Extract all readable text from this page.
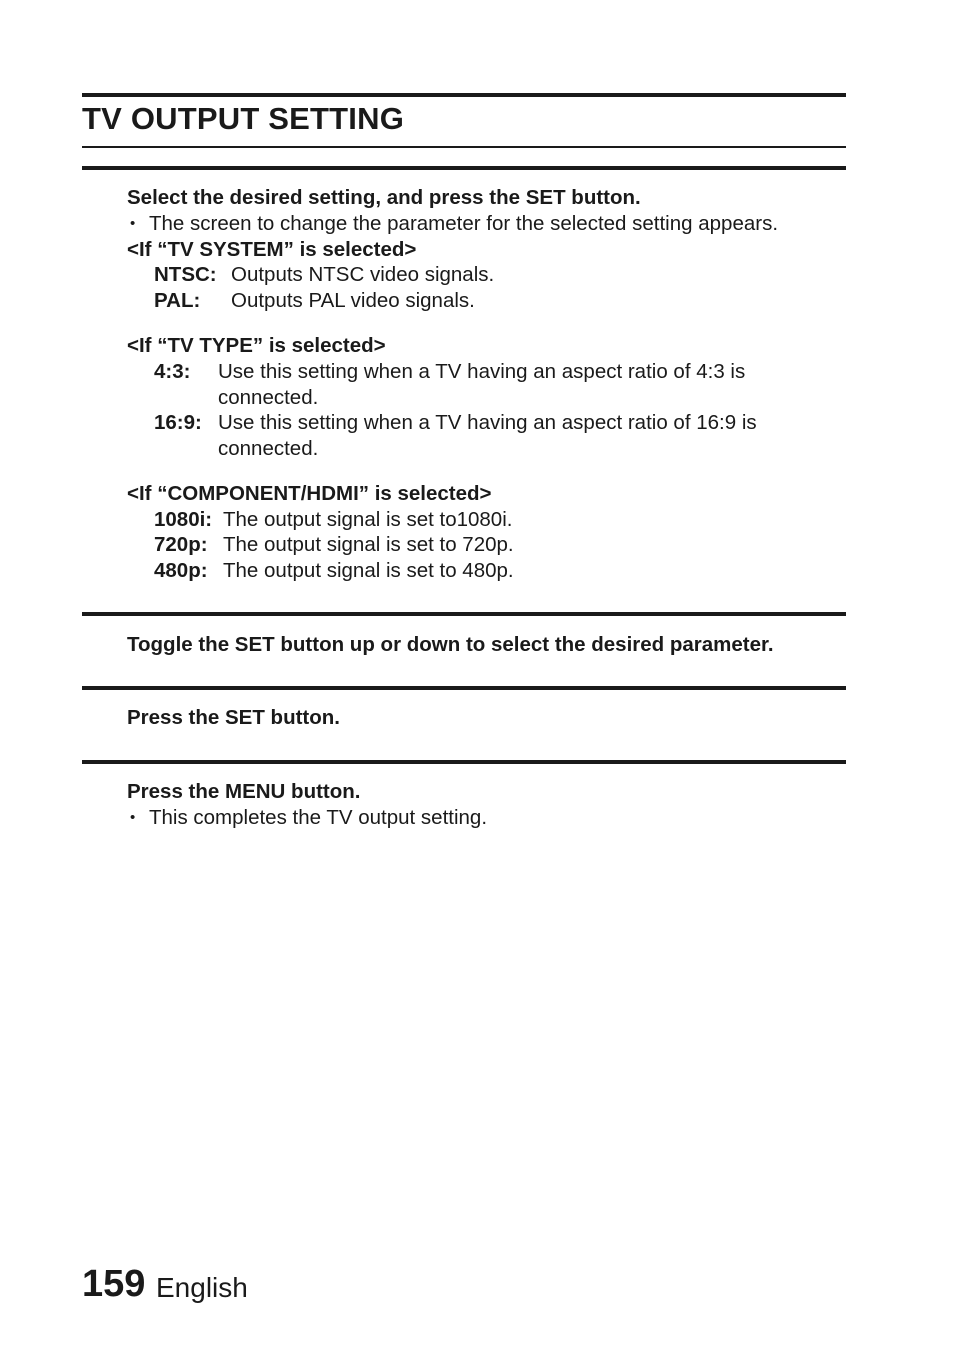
TV OUTPUT SETTING
Select the desired setting, and press the SET button.
• The screen to change the parameter for the selected setting appears.
<If “TV SYSTEM” is selected>
NTSC: Outputs NTSC video signals.
PAL: Outputs PAL video signals.
<If “TV TYPE” is selected>
4:3: Use this setting when a TV having an aspect ratio of 4:3 is
connected.
16:9: Use this setting when a TV having an aspect ratio of 16:9 is
connected.
<If “COMPONENT/HDMI” is selected>
1080i: The output signal is set to1080i.
720p: The output signal is set to 720p.
480p: The output signal is set to 480p.
Toggle the SET button up or down to select the desired parameter.
Press the SET button.
Press the MENU button.
• This completes the TV output setting.
159 English
